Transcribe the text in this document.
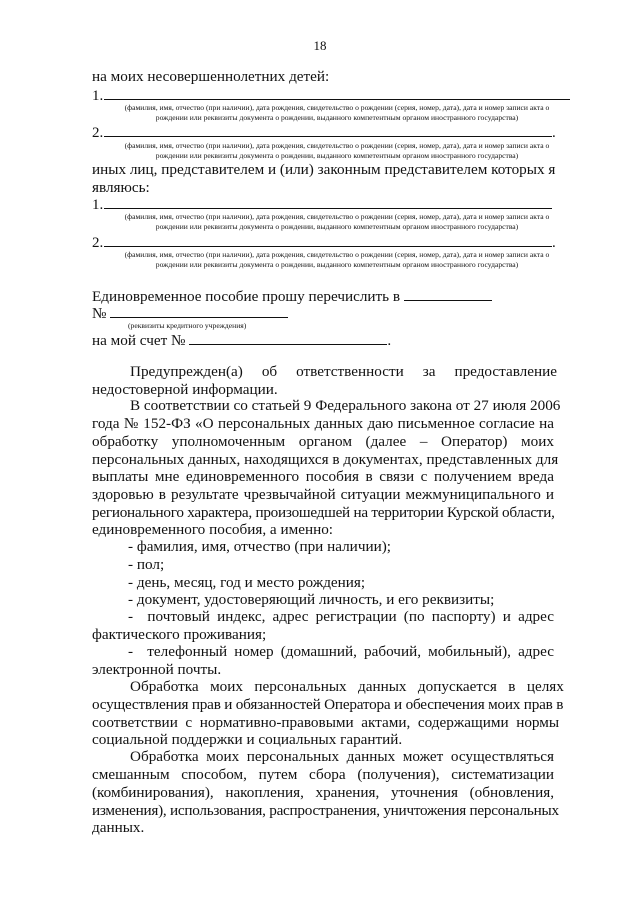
18
на моих несовершеннолетних детей:
1.
(фамилия, имя, отчество (при наличии), дата рождения, свидетельство о рождении (серия, номер, дата), дата и номер записи акта о
рождении или реквизиты документа о рождении, выданного компетентным органом иностранного государства)
2.	.
(фамилия, имя, отчество (при наличии), дата рождения, свидетельство о рождении (серия, номер, дата), дата и номер записи акта о
рождении или реквизиты документа о рождении, выданного компетентным органом иностранного государства)
иных лиц, представителем и (или) законным представителем которых я
являюсь:
1.
(фамилия, имя, отчество (при наличии), дата рождения, свидетельство о рождении (серия, номер, дата), дата и номер записи акта о
рождении или реквизиты документа о рождении, выданного компетентным органом иностранного государства)
2.	.
(фамилия, имя, отчество (при наличии), дата рождения, свидетельство о рождении (серия, номер, дата), дата и номер записи акта о
рождении или реквизиты документа о рождении, выданного компетентным органом иностранного государства)
Единовременное пособие прошу перечислить в
№
(реквизиты кредитного учреждения)
на мой счет №	.
Предупрежден(а)     об     ответственности     за     предоставление
недостоверной информации.
В соответствии со статьей 9 Федерального закона от 27 июля 2006
года № 152-ФЗ «О персональных данных даю письменное согласие на
обработку   уполномоченным   органом   (далее   –   Оператор)   моих
персональных данных, находящихся в документах, представленных для
выплаты мне единовременного пособия в связи с получением вреда
здоровью в результате чрезвычайной ситуации межмуниципального и
регионального характера, произошедшей на территории Курской области,
единовременного пособия, а именно:
- фамилия, имя, отчество (при наличии);
- пол;
- день, месяц, год и место рождения;
- документ, удостоверяющий личность, и его реквизиты;
-  почтовый индекс, адрес регистрации (по паспорту) и адрес
фактического проживания;
-  телефонный номер (домашний, рабочий, мобильный), адрес
электронной почты.
Обработка   моих   персональных   данных   допускается   в   целях
осуществления прав и обязанностей Оператора и обеспечения моих прав в
соответствии  с  нормативно-правовыми  актами,  содержащими  нормы
социальной поддержки и социальных гарантий.
Обработка моих персональных данных может осуществляться
смешанным  способом,  путем  сбора  (получения),  систематизации
(комбинирования),  накопления,  хранения,  уточнения  (обновления,
изменения), использования, распространения, уничтожения персональных
данных.
